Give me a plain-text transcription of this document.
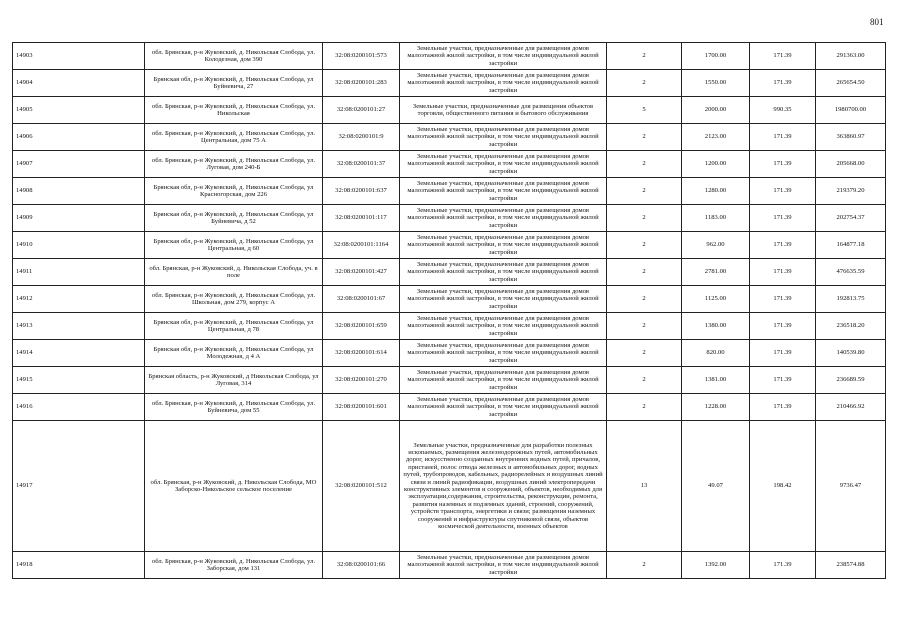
801
14903	обл. Брянская, р-н Жуковский, д. Никольская Слобода, ул. Колодезная, дом 390	32:08:0200101:573	Земельные участки, предназначенные для размещения домов малоэтажной жилой застройки, в том числе индивидуальной жилой застройки	2	1700.00	171.39	291363.00
14904	Брянская обл, р-н Жуковский, д. Никольская Слобода, ул Буйневича, 27	32:08:0200101:283	Земельные участки, предназначенные для размещения домов малоэтажной жилой застройки, в том числе индивидуальной жилой застройки	2	1550.00	171.39	265654.50
14905	обл. Брянская, р-н Жуковский, д. Никольская Слобода, ул. Никольская	32:08:0200101:27	Земельные участки, предназначенные для размещения объектов торговли, общественного питания и бытового обслуживания	5	2000.00	990.35	1980700.00
14906	обл. Брянская, р-н Жуковский, д. Никольская Слобода, ул. Центральная, дом 75 А	32:08:0200101:9	Земельные участки, предназначенные для размещения домов малоэтажной жилой застройки, в том числе индивидуальной жилой застройки	2	2123.00	171.39	363860.97
14907	обл. Брянская, р-н Жуковский, д. Никольская Слобода, ул. Луговая, дом 240-Б	32:08:0200101:37	Земельные участки, предназначенные для размещения домов малоэтажной жилой застройки, в том числе индивидуальной жилой застройки	2	1200.00	171.39	205668.00
14908	Брянская обл, р-н Жуковский, д. Никольская Слобода, ул Красногорская, дом 226	32:08:0200101:637	Земельные участки, предназначенные для размещения домов малоэтажной жилой застройки, в том числе индивидуальной жилой застройки	2	1280.00	171.39	219379.20
14909	Брянская обл, р-н Жуковский, д. Никольская Слобода, ул Буйневича, д 52	32:08:0200101:117	Земельные участки, предназначенные для размещения домов малоэтажной жилой застройки, в том числе индивидуальной жилой застройки	2	1183.00	171.39	202754.37
14910	Брянская обл, р-н Жуковский, д. Никольская Слобода, ул Центральная, д 60	32:08:0200101:1164	Земельные участки, предназначенные для размещения домов малоэтажной жилой застройки, в том числе индивидуальной жилой застройки	2	962.00	171.39	164877.18
14911	обл. Брянская, р-н Жуковский, д. Никольская Слобода, уч. в поле	32:08:0200101:427	Земельные участки, предназначенные для размещения домов малоэтажной жилой застройки, в том числе индивидуальной жилой застройки	2	2781.00	171.39	476635.59
14912	обл. Брянская, р-н Жуковский, д. Никольская Слобода, ул. Школьная, дом 279, корпус А	32:08:0200101:67	Земельные участки, предназначенные для размещения домов малоэтажной жилой застройки, в том числе индивидуальной жилой застройки	2	1125.00	171.39	192813.75
14913	Брянская обл, р-н Жуковский, д. Никольская Слобода, ул Центральная, д 78	32:08:0200101:659	Земельные участки, предназначенные для размещения домов малоэтажной жилой застройки, в том числе индивидуальной жилой застройки	2	1380.00	171.39	236518.20
14914	Брянская обл, р-н Жуковский, д. Никольская Слобода, ул Молодежная, д 4 А	32:08:0200101:614	Земельные участки, предназначенные для размещения домов малоэтажной жилой застройки, в том числе индивидуальной жилой застройки	2	820.00	171.39	140539.80
14915	Брянская область, р-н Жуковский, д Никольская Слобода, ул Луговая, 314	32:08:0200101:270	Земельные участки, предназначенные для размещения домов малоэтажной жилой застройки, в том числе индивидуальной жилой застройки	2	1381.00	171.39	236689.59
14916	обл. Брянская, р-н Жуковский, д. Никольская Слобода, ул. Буйневича, дом 55	32:08:0200101:601	Земельные участки, предназначенные для размещения домов малоэтажной жилой застройки, в том числе индивидуальной жилой застройки	2	1228.00	171.39	210466.92
14917	обл. Брянская, р-н Жуковский, д. Никольская Слобода, МО Заборско-Никольское сельское поселение	32:08:0200101:512	Земельные участки, предназначенные для разработки полезных ископаемых, размещения железнодорожных путей, автомобильных дорог, искусственно созданных внутренних водных путей, причалов, пристаней, полос отвода железных и автомобильных дорог, водных путей, трубопроводов, кабельных, радиорелейных и воздушных линий связи и линий радиофикации, воздушных линий электропередачи конструктивных элементов и сооружений, объектов, необходимых для эксплуатации,содержания, строительства, реконструкции, ремонта, развития наземных и подземных зданий, строений, сооружений, устройств транспорта, энергетики и связи; размещения наземных сооружений и инфраструктуры спутниковой связи, объектов космической деятельности, военных объектов	13	49.07	198.42	9736.47
14918	обл. Брянская, р-н Жуковский, д. Никольская Слобода, ул. Заборская, дом 131	32:08:0200101:66	Земельные участки, предназначенные для размещения домов малоэтажной жилой застройки, в том числе индивидуальной жилой застройки	2	1392.00	171.39	238574.88
